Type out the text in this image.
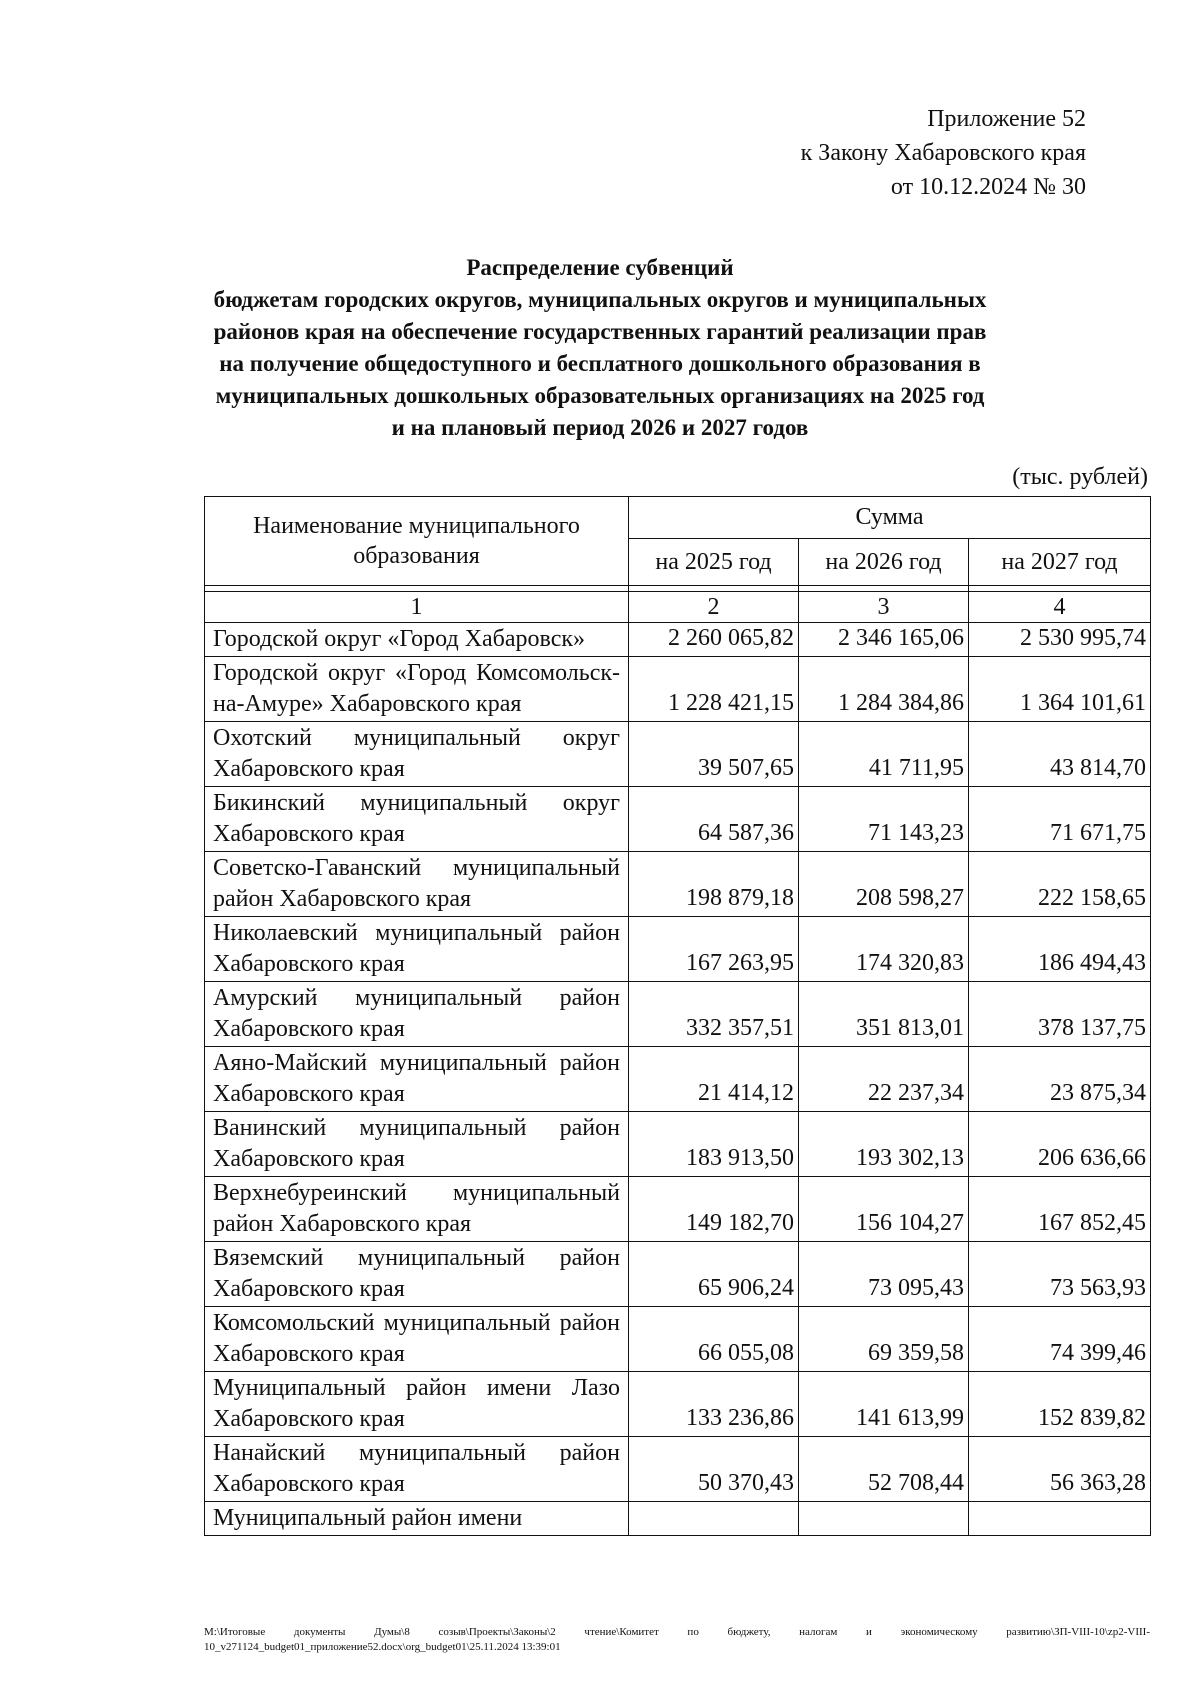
Приложение 52
к Закону Хабаровского края
от 10.12.2024 № 30
Распределение субвенций
бюджетам городских округов, муниципальных округов и муниципальных
районов края на обеспечение государственных гарантий реализации прав
на получение общедоступного и бесплатного дошкольного образования в
муниципальных дошкольных образовательных организациях на 2025 год
и на плановый период 2026 и 2027 годов
(тыс. рублей)
Наименование муниципального образования	Сумма		
	на 2025 год	на 2026 год	на 2027 год

1	2	3	4
Городской округ «Город Хабаровск»	2 260 065,82	2 346 165,06	2 530 995,74
Городской округ «Город Комсомольск-на-Амуре» Хабаровского края	1 228 421,15	1 284 384,86	1 364 101,61
Охотский муниципальный округ Хабаровского края	39 507,65	41 711,95	43 814,70
Бикинский муниципальный округ Хабаровского края	64 587,36	71 143,23	71 671,75
Советско-Гаванский муниципальный район Хабаровского края	198 879,18	208 598,27	222 158,65
Николаевский муниципальный район Хабаровского края	167 263,95	174 320,83	186 494,43
Амурский муниципальный район Хабаровского края	332 357,51	351 813,01	378 137,75
Аяно-Майский муниципальный район Хабаровского края	21 414,12	22 237,34	23 875,34
Ванинский муниципальный район Хабаровского края	183 913,50	193 302,13	206 636,66
Верхнебуреинский муниципальный район Хабаровского края	149 182,70	156 104,27	167 852,45
Вяземский муниципальный район Хабаровского края	65 906,24	73 095,43	73 563,93
Комсомольский муниципальный район Хабаровского края	66 055,08	69 359,58	74 399,46
Муниципальный район имени Лазо Хабаровского края	133 236,86	141 613,99	152 839,82
Нанайский муниципальный район Хабаровского края	50 370,43	52 708,44	56 363,28
Муниципальный район имени			
M:\Итоговые документы Думы\8 созыв\Проекты\Законы\2 чтение\Комитет по бюджету, налогам и экономическому развитию\ЗП-VIII-10\zp2-VIII-10_v271124_budget01_приложение52.docx\org_budget01\25.11.2024 13:39:01
